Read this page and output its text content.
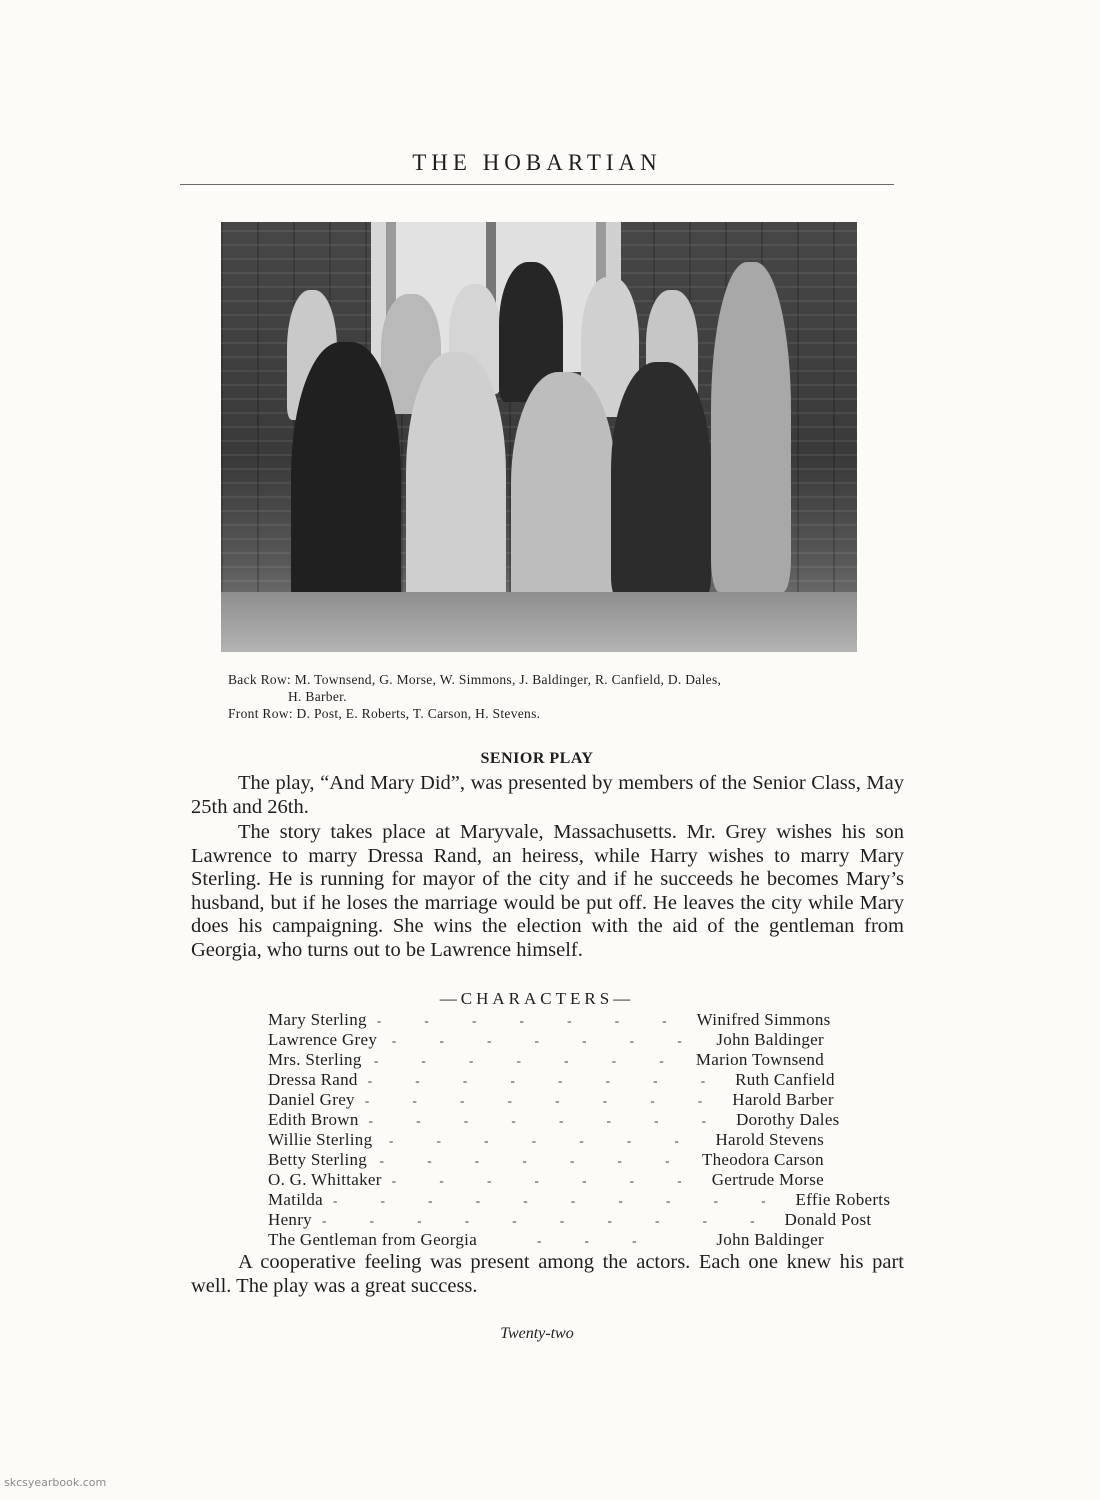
THE HOBARTIAN
Back Row: M. Townsend, G. Morse, W. Simmons, J. Baldinger, R. Canfield, D. Dales,
H. Barber.
Front Row: D. Post, E. Roberts, T. Carson, H. Stevens.
SENIOR PLAY

The play, “And Mary Did”, was presented by members of the Senior Class, May 25th and 26th.

The story takes place at Maryvale, Massachusetts. Mr. Grey wishes his son Lawrence to marry Dressa Rand, an heiress, while Harry wishes to marry Mary Sterling. He is running for mayor of the city and if he succeeds he becomes Mary’s husband, but if he loses the marriage would be put off. He leaves the city while Mary does his campaigning. She wins the election with the aid of the gentleman from Georgia, who turns out to be Lawrence himself.

—CHARACTERS—
Mary Sterling - - - - - - - Winifred Simmons
Lawrence Grey	- - - - - - - John Baldinger
Mrs. Sterling - - - - - - - Marion Townsend
Dressa Rand - - - - - - - - Ruth Canfield
Daniel Grey - - - - - - - - Harold Barber
Edith Brown - - - - - - - - Dorothy Dales
Willie Sterling	- - - - - - - Harold Stevens
Betty Sterling - - - - - - - Theodora Carson
O. G. Whittaker - - - - - - - Gertrude Morse
Matilda - - - - - - - - - - Effie Roberts
Henry - - - - - - - - - - Donald Post
The Gentleman from Georgia	- - -	John Baldinger

A cooperative feeling was present among the actors. Each one knew his part well. The play was a great success.

Twenty-two
skcsyearbook.com
